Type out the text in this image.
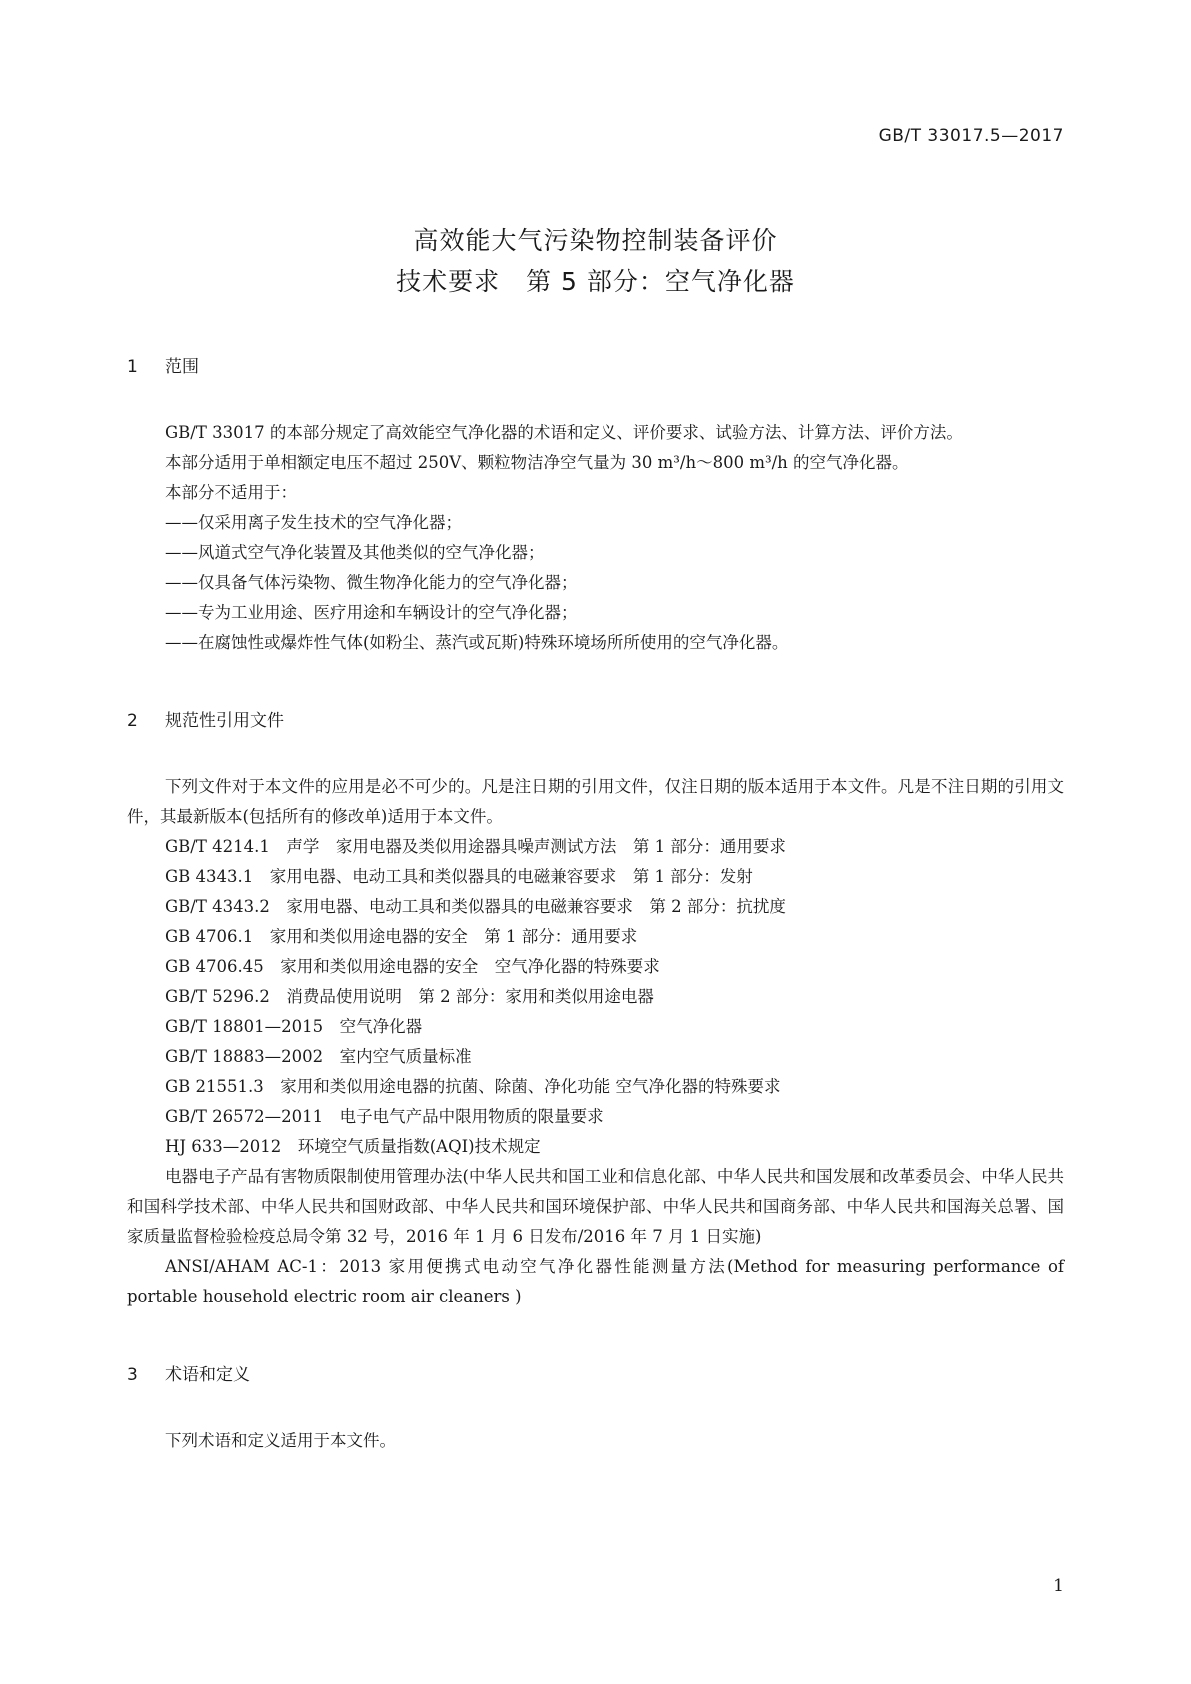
GB/T 33017.5—2017
高效能大气污染物控制装备评价
技术要求　第 5 部分：空气净化器
1 范围

GB/T 33017 的本部分规定了高效能空气净化器的术语和定义、评价要求、试验方法、计算方法、评价方法。

本部分适用于单相额定电压不超过 250V、颗粒物洁净空气量为 30 m³/h～800 m³/h 的空气净化器。

本部分不适用于：

——仅采用离子发生技术的空气净化器；
——风道式空气净化装置及其他类似的空气净化器；
——仅具备气体污染物、微生物净化能力的空气净化器；
——专为工业用途、医疗用途和车辆设计的空气净化器；
——在腐蚀性或爆炸性气体(如粉尘、蒸汽或瓦斯)特殊环境场所所使用的空气净化器。
2 规范性引用文件

下列文件对于本文件的应用是必不可少的。凡是注日期的引用文件，仅注日期的版本适用于本文件。凡是不注日期的引用文件，其最新版本(包括所有的修改单)适用于本文件。

GB/T 4214.1　声学　家用电器及类似用途器具噪声测试方法　第 1 部分：通用要求
GB 4343.1　家用电器、电动工具和类似器具的电磁兼容要求　第 1 部分：发射
GB/T 4343.2　家用电器、电动工具和类似器具的电磁兼容要求　第 2 部分：抗扰度
GB 4706.1　家用和类似用途电器的安全　第 1 部分：通用要求
GB 4706.45　家用和类似用途电器的安全　空气净化器的特殊要求
GB/T 5296.2　消费品使用说明　第 2 部分：家用和类似用途电器
GB/T 18801—2015　空气净化器
GB/T 18883—2002　室内空气质量标准
GB 21551.3　家用和类似用途电器的抗菌、除菌、净化功能 空气净化器的特殊要求
GB/T 26572—2011　电子电气产品中限用物质的限量要求
HJ 633—2012　环境空气质量指数(AQI)技术规定

电器电子产品有害物质限制使用管理办法(中华人民共和国工业和信息化部、中华人民共和国发展和改革委员会、中华人民共和国科学技术部、中华人民共和国财政部、中华人民共和国环境保护部、中华人民共和国商务部、中华人民共和国海关总署、国家质量监督检验检疫总局令第 32 号，2016 年 1 月 6 日发布/2016 年 7 月 1 日实施)

ANSI/AHAM AC-1：2013 家用便携式电动空气净化器性能测量方法(Method for measuring performance of portable household electric room air cleaners )

3 术语和定义

下列术语和定义适用于本文件。

1
